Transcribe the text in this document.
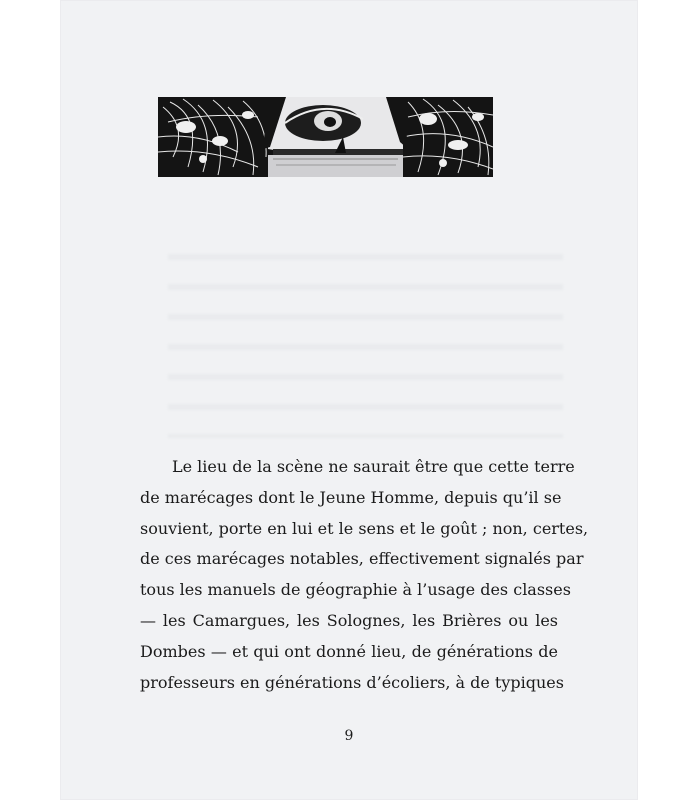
Le lieu de la scène ne saurait être que cette terre
de marécages dont le Jeune Homme, depuis qu’il se
souvient, porte en lui et le sens et le goût ; non, certes,
de ces marécages notables, effectivement signalés par
tous les manuels de géographie à l’usage des classes
— les Camargues, les Solognes, les Brières ou les
Dombes — et qui ont donné lieu, de générations de
professeurs en générations d’écoliers, à de typiques
9
